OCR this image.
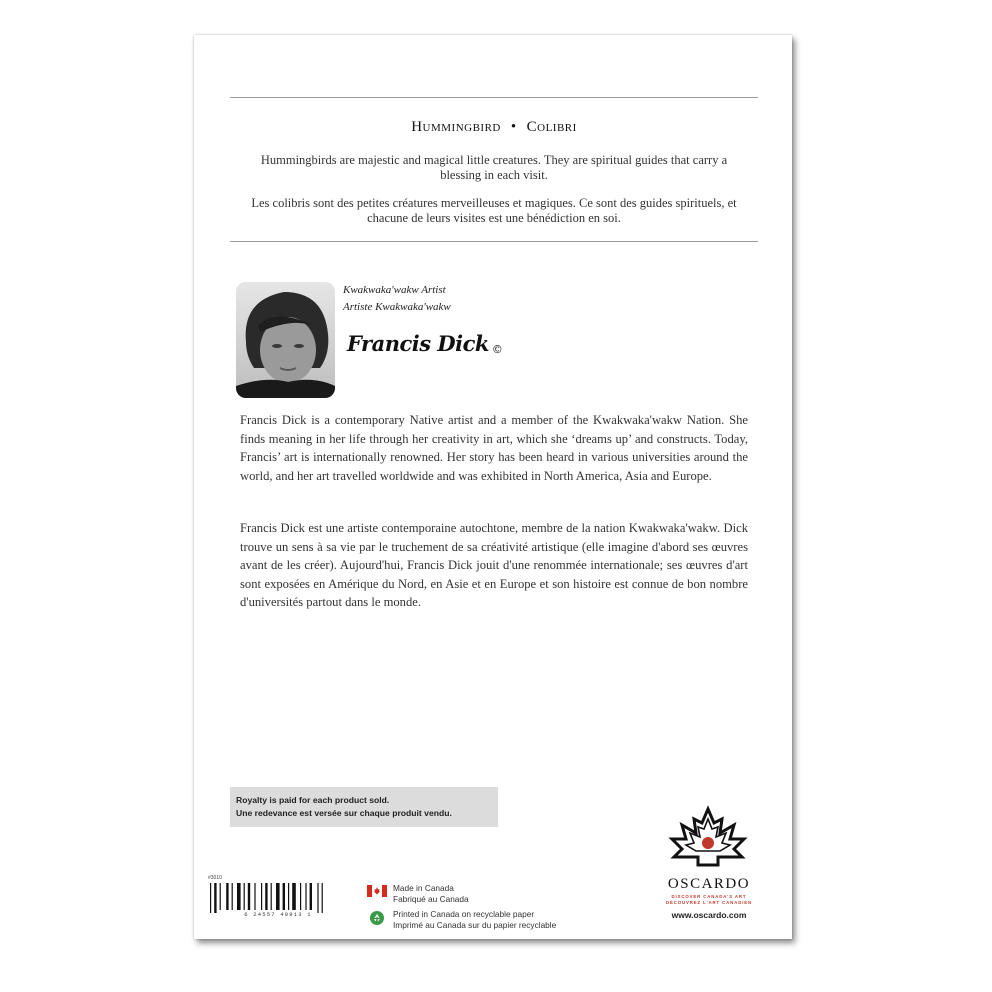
Hummingbird • Colibri
Hummingbirds are majestic and magical little creatures. They are spiritual guides that carry a blessing in each visit.
Les colibris sont des petites créatures merveilleuses et magiques. Ce sont des guides spirituels, et chacune de leurs visites est une bénédiction en soi.
Kwakwaka'wakw Artist
Artiste Kwakwaka'wakw
Francis Dick ©

Francis Dick is a contemporary Native artist and a member of the Kwakwaka'wakw Nation. She finds meaning in her life through her creativity in art, which she ‘dreams up’ and constructs. Today, Francis’ art is internationally renowned. Her story has been heard in various universities around the world, and her art travelled worldwide and was exhibited in North America, Asia and Europe.

Francis Dick est une artiste contemporaine autochtone, membre de la nation Kwakwaka'wakw. Dick trouve un sens à sa vie par le truchement de sa créativité artistique (elle imagine d'abord ses œuvres avant de les créer). Aujourd'hui, Francis Dick jouit d'une renommée internationale; ses œuvres d'art sont exposées en Amérique du Nord, en Asie et en Europe et son histoire est connue de bon nombre d'universités partout dans le monde.

Royalty is paid for each product sold.
Une redevance est versée sur chaque produit vendu.
#3010
6 24557 49913 1
Made in Canada
Fabriqué au Canada
Printed in Canada on recyclable paper
Imprimé au Canada sur du papier recyclable
OSCARDO
DISCOVER CANADA'S ART
DÉCOUVREZ L'ART CANADIEN
www.oscardo.com
